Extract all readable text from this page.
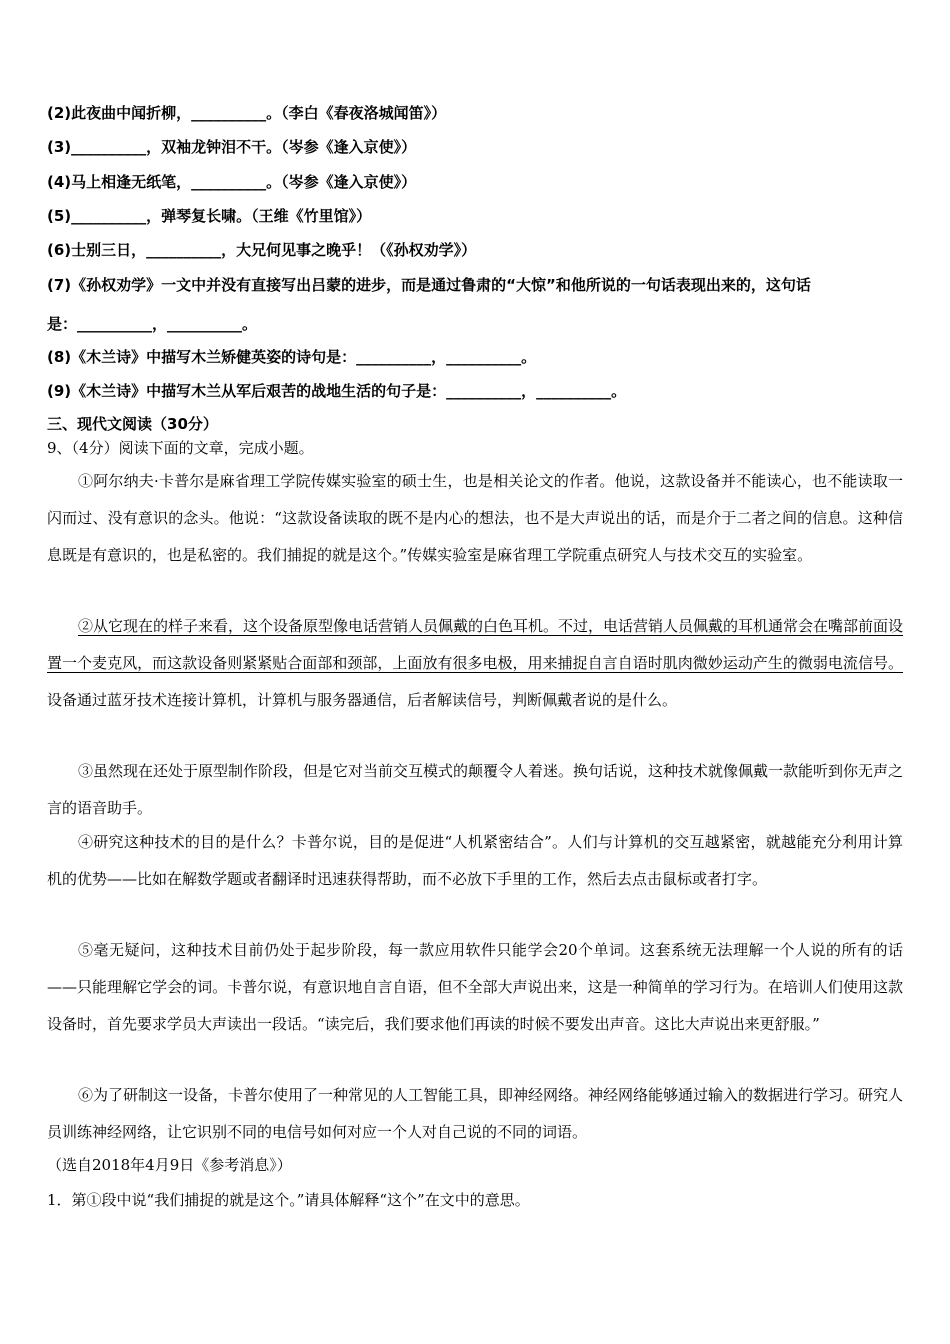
(2)此夜曲中闻折柳，__________。（李白《春夜洛城闻笛》）
(3)__________，双袖龙钟泪不干。（岑参《逢入京使》）
(4)马上相逢无纸笔，__________。（岑参《逢入京使》）
(5)__________，弹琴复长啸。（王维《竹里馆》）
(6)士别三日，__________，大兄何见事之晚乎！（《孙权劝学》）
(7)《孙权劝学》一文中并没有直接写出吕蒙的进步，而是通过鲁肃的“大惊”和他所说的一句话表现出来的，这句话
是：__________，__________。
(8)《木兰诗》中描写木兰矫健英姿的诗句是：__________，__________。
(9)《木兰诗》中描写木兰从军后艰苦的战地生活的句子是：__________，__________。
三、现代文阅读（30分）
9、（4分）阅读下面的文章，完成小题。
①阿尔纳夫·卡普尔是麻省理工学院传媒实验室的硕士生，也是相关论文的作者。他说，这款设备并不能读心，也不能读取一闪而过、没有意识的念头。他说：“这款设备读取的既不是内心的想法，也不是大声说出的话，而是介于二者之间的信息。这种信息既是有意识的，也是私密的。我们捕捉的就是这个。”传媒实验室是麻省理工学院重点研究人与技术交互的实验室。
②从它现在的样子来看，这个设备原型像电话营销人员佩戴的白色耳机。不过，电话营销人员佩戴的耳机通常会在嘴部前面设置一个麦克风，而这款设备则紧紧贴合面部和颈部，上面放有很多电极，用来捕捉自言自语时肌肉微妙运动产生的微弱电流信号。设备通过蓝牙技术连接计算机，计算机与服务器通信，后者解读信号，判断佩戴者说的是什么。
③虽然现在还处于原型制作阶段，但是它对当前交互模式的颠覆令人着迷。换句话说，这种技术就像佩戴一款能听到你无声之言的语音助手。
④研究这种技术的目的是什么？卡普尔说，目的是促进“人机紧密结合”。人们与计算机的交互越紧密，就越能充分利用计算机的优势——比如在解数学题或者翻译时迅速获得帮助，而不必放下手里的工作，然后去点击鼠标或者打字。
⑤毫无疑问，这种技术目前仍处于起步阶段，每一款应用软件只能学会20个单词。这套系统无法理解一个人说的所有的话——只能理解它学会的词。卡普尔说，有意识地自言自语，但不全部大声说出来，这是一种简单的学习行为。在培训人们使用这款设备时，首先要求学员大声读出一段话。“读完后，我们要求他们再读的时候不要发出声音。这比大声说出来更舒服。”
⑥为了研制这一设备，卡普尔使用了一种常见的人工智能工具，即神经网络。神经网络能够通过输入的数据进行学习。研究人员训练神经网络，让它识别不同的电信号如何对应一个人对自己说的不同的词语。
（选自2018年4月9日《参考消息》）
1．第①段中说“我们捕捉的就是这个。”请具体解释“这个”在文中的意思。
